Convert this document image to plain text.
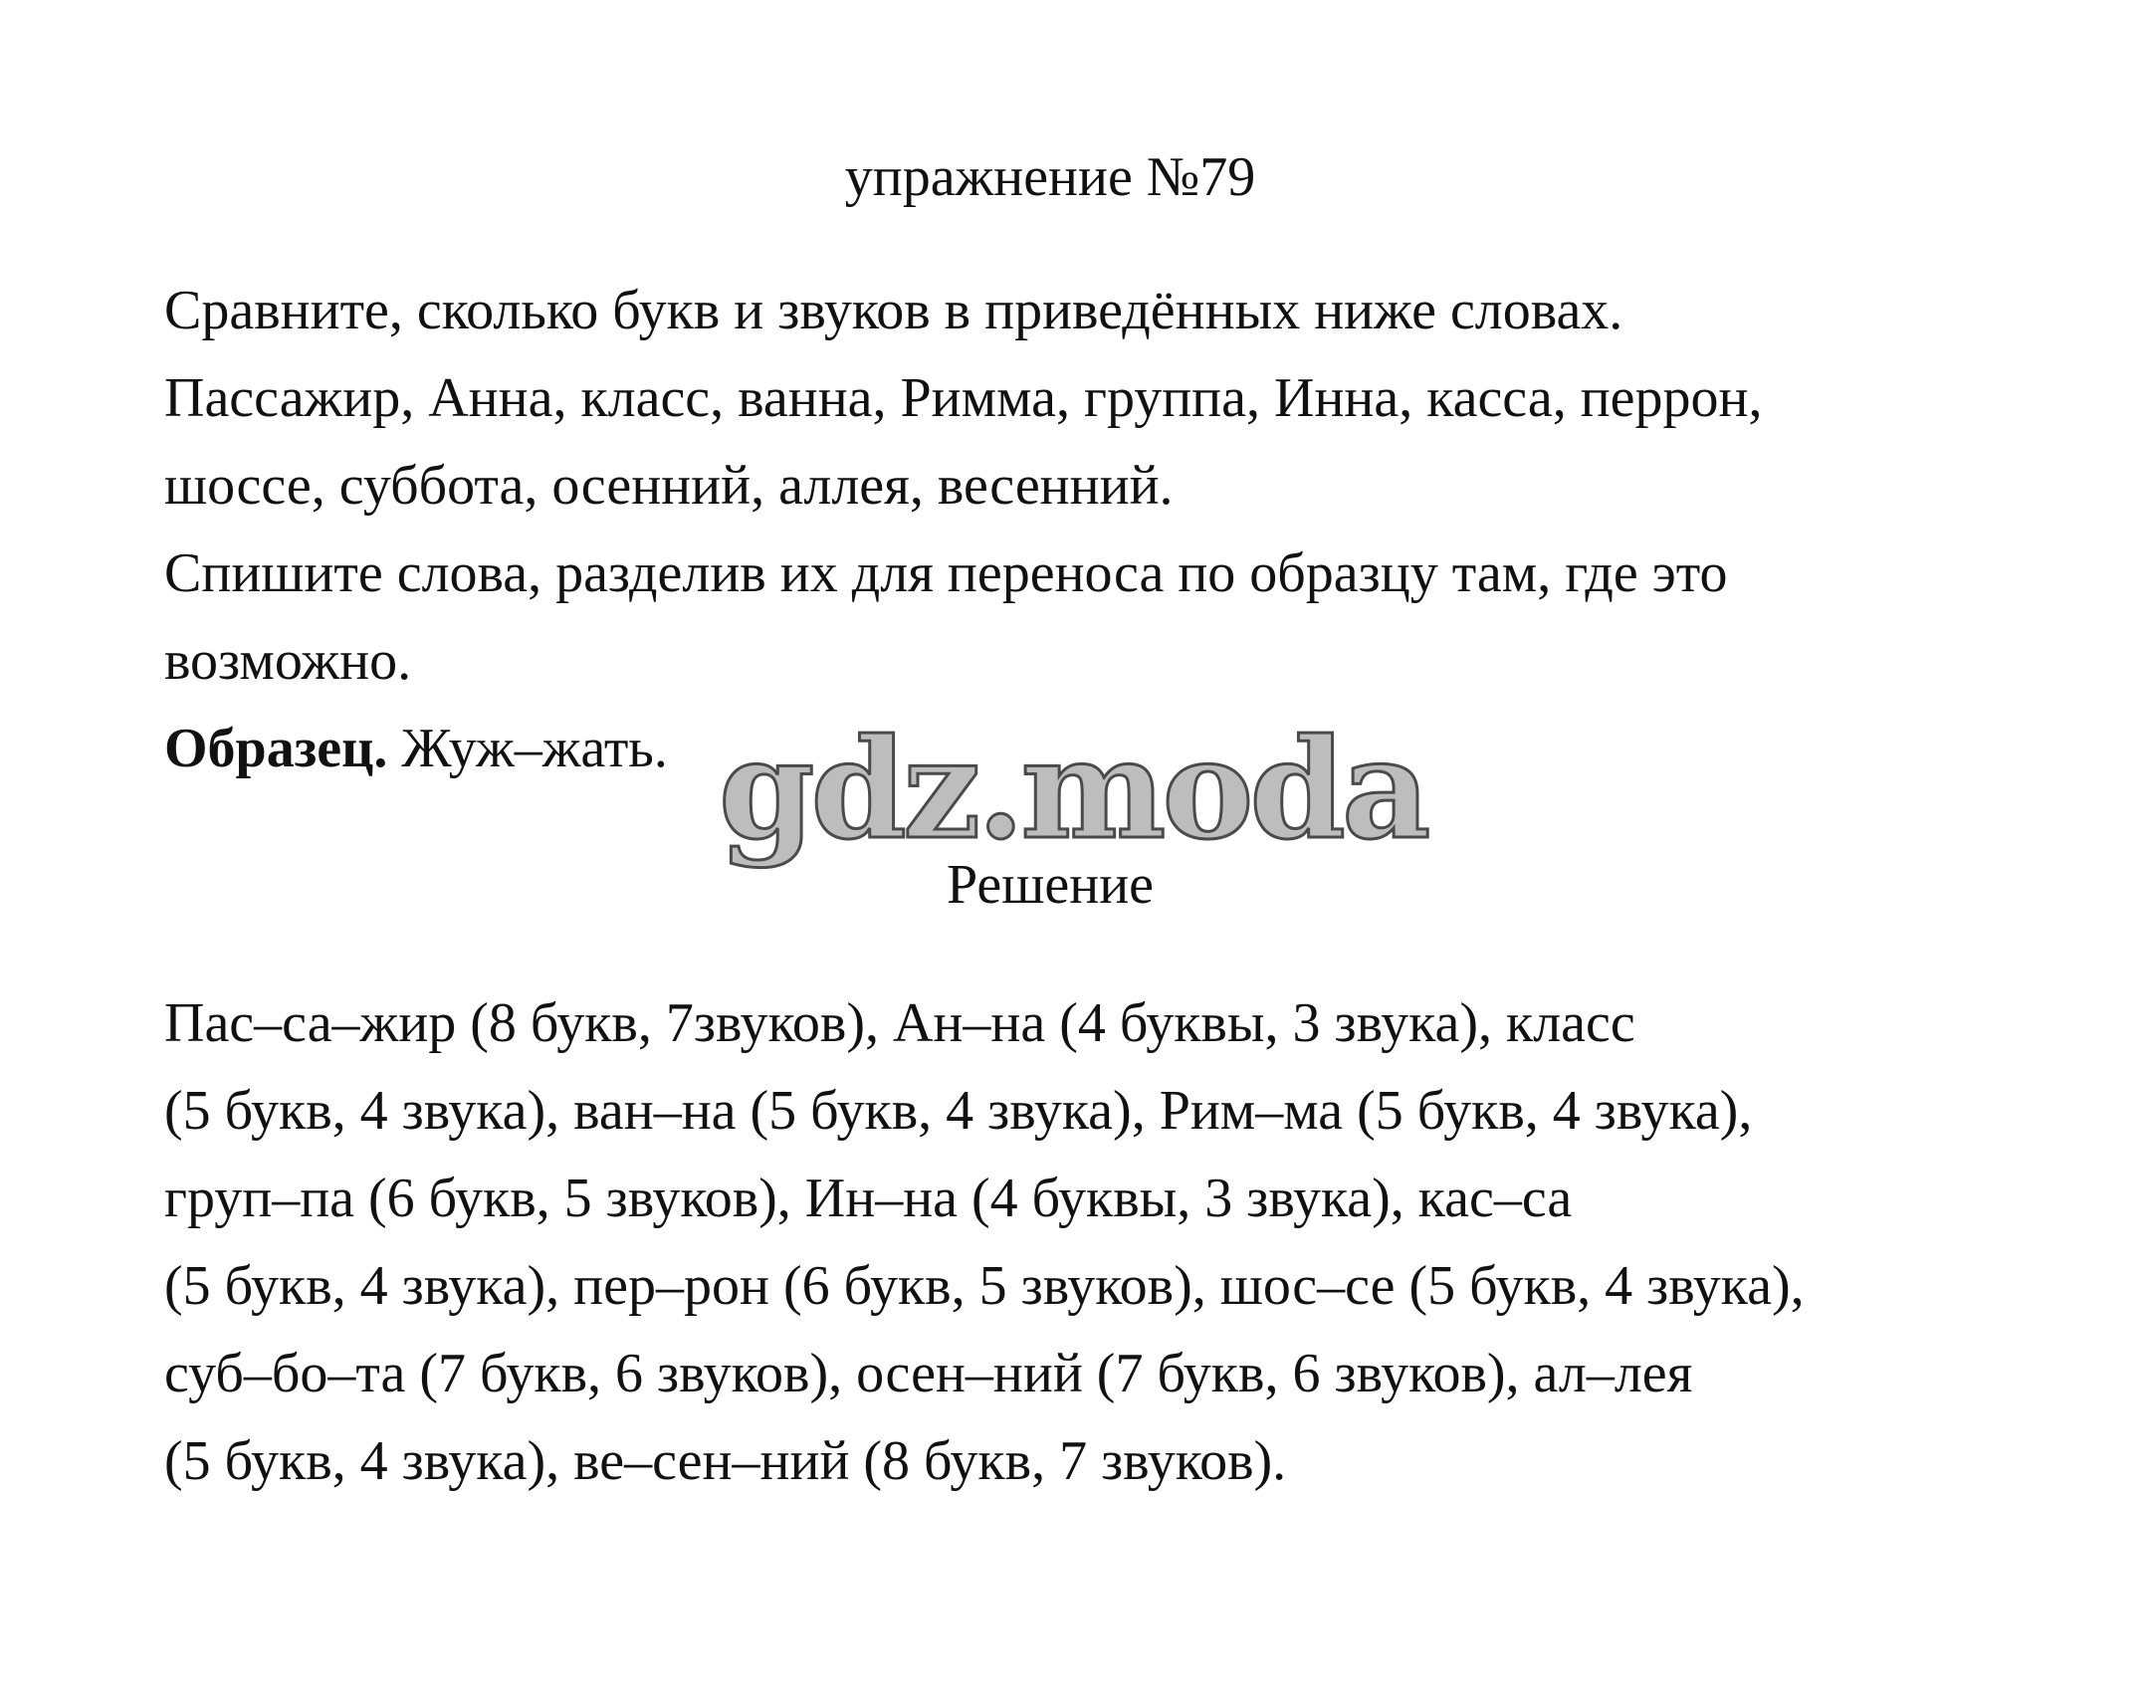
упражнение №79
Сравните, сколько букв и звуков в приведённых ниже словах.
Пассажир, Анна, класс, ванна, Римма, группа, Инна, касса, перрон,
шоссе, суббота, осенний, аллея, весенний.
Спишите слова, разделив их для переноса по образцу там, где это
возможно.
Образец. Жуж–жать. gdz.moda
Решение
Пас–са–жир (8 букв, 7звуков), Ан–на (4 буквы, 3 звука), класс
(5 букв, 4 звука), ван–на (5 букв, 4 звука), Рим–ма (5 букв, 4 звука),
груп–па (6 букв, 5 звуков), Ин–на (4 буквы, 3 звука), кас–са
(5 букв, 4 звука), пер–рон (6 букв, 5 звуков), шос–се (5 букв, 4 звука),
суб–бо–та (7 букв, 6 звуков), осен–ний (7 букв, 6 звуков), ал–лея
(5 букв, 4 звука), ве–сен–ний (8 букв, 7 звуков).
